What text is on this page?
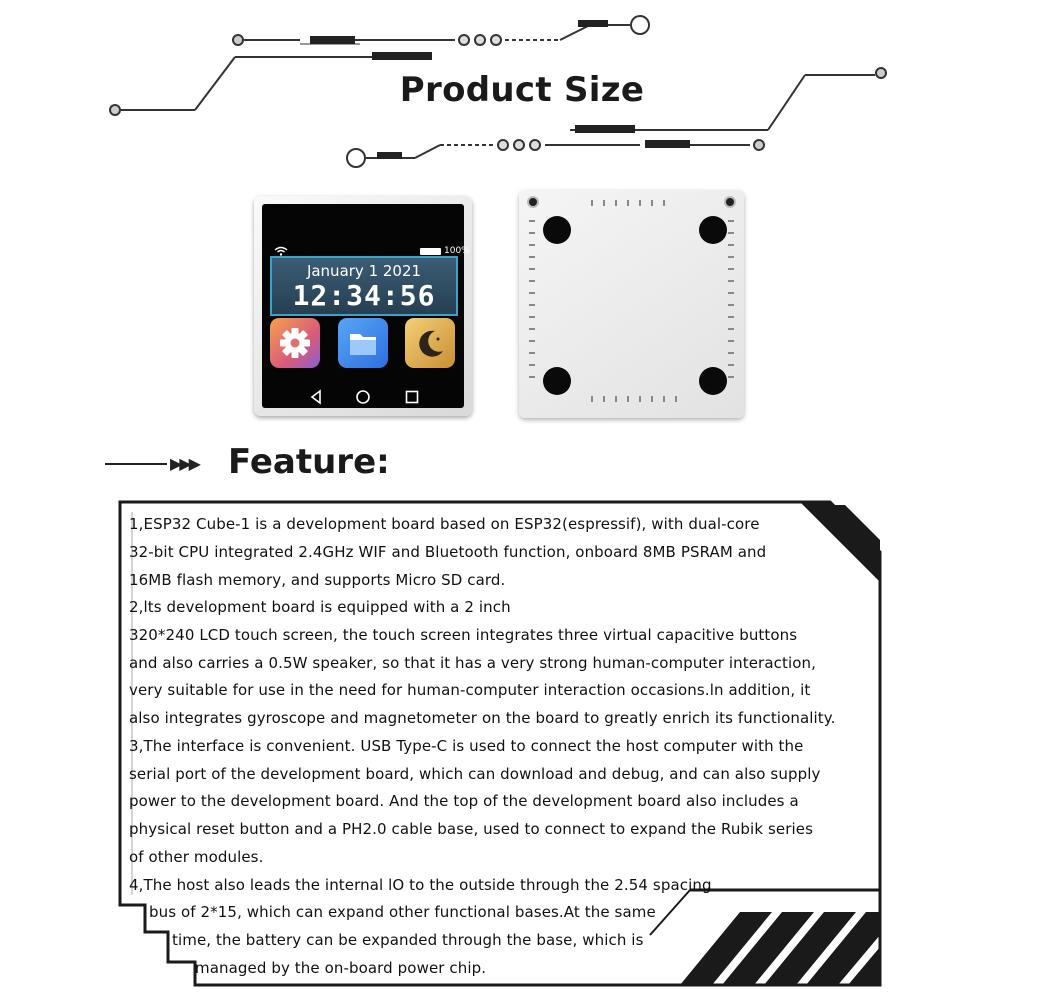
Product Size
100%
January 1 2021
12:34:56
▶▶▶ Feature:
1,ESP32 Cube-1 is a development board based on ESP32(espressif), with dual-core
32-bit CPU integrated 2.4GHz WIF and Bluetooth function, onboard 8MB PSRAM and
16MB flash memory, and supports Micro SD card.
2,lts development board is equipped with a 2 inch
320*240 LCD touch screen, the touch screen integrates three virtual capacitive buttons
and also carries a 0.5W speaker, so that it has a very strong human-computer interaction,
very suitable for use in the need for human-computer interaction occasions.ln addition, it
also integrates gyroscope and magnetometer on the board to greatly enrich its functionality.
3,The interface is convenient. USB Type-C is used to connect the host computer with the
serial port of the development board, which can download and debug, and can also supply
power to the development board. And the top of the development board also includes a
physical reset button and a PH2.0 cable base, used to connect to expand the Rubik series
of other modules.
4,The host also leads the internal lO to the outside through the 2.54 spacing
bus of 2*15, which can expand other functional bases.At the same
time, the battery can be expanded through the base, which is
managed by the on-board power chip.
